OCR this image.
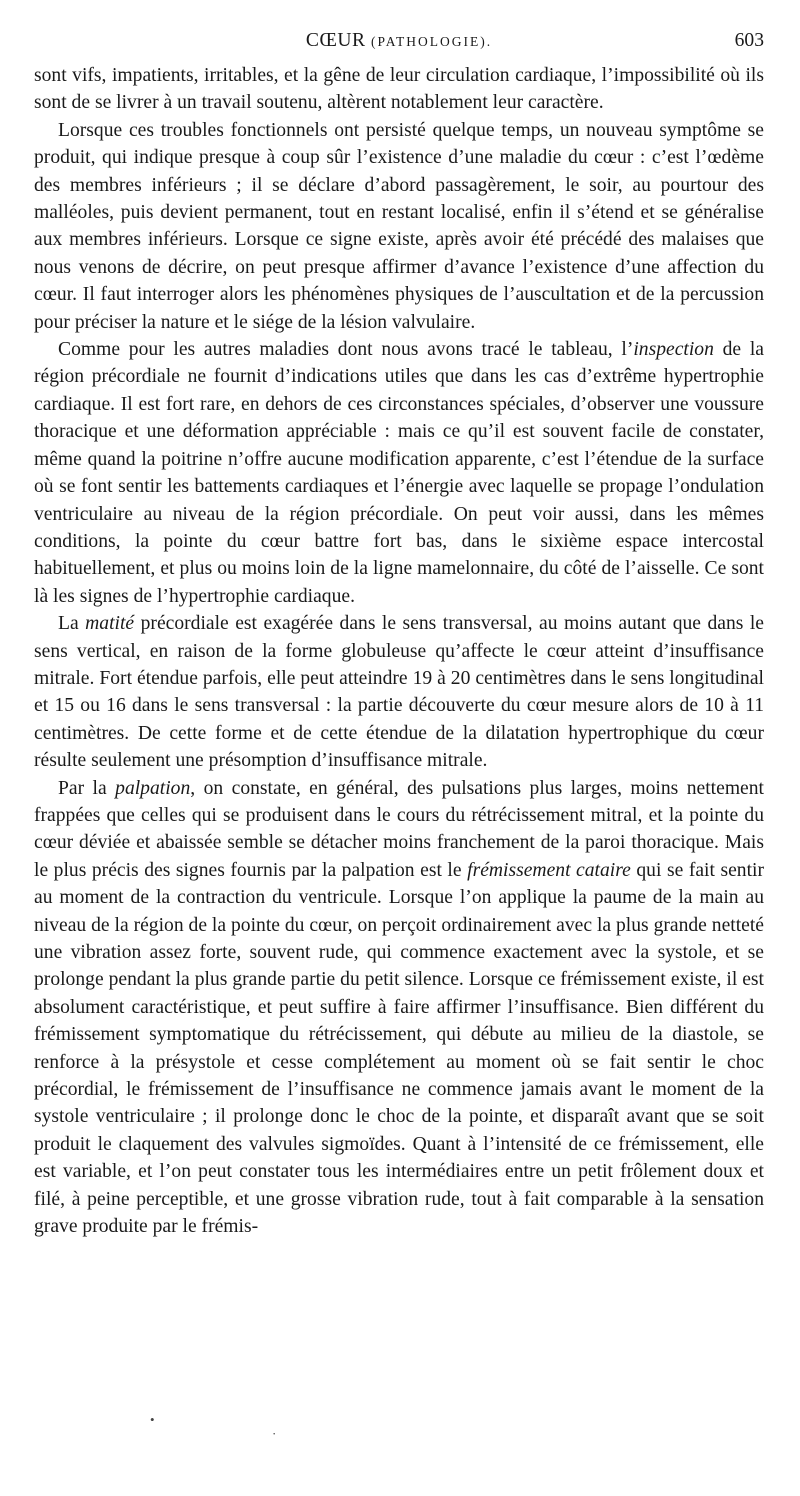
CŒUR (PATHOLOGIE).	603

sont vifs, impatients, irritables, et la gêne de leur circulation cardiaque, l’impossibilité où ils sont de se livrer à un travail soutenu, altèrent notablement leur caractère.

Lorsque ces troubles fonctionnels ont persisté quelque temps, un nouveau symptôme se produit, qui indique presque à coup sûr l’existence d’une maladie du cœur : c’est l’œdème des membres inférieurs ; il se déclare d’abord passagèrement, le soir, au pourtour des malléoles, puis devient permanent, tout en restant localisé, enfin il s’étend et se généralise aux membres inférieurs. Lorsque ce signe existe, après avoir été précédé des malaises que nous venons de décrire, on peut presque affirmer d’avance l’existence d’une affection du cœur. Il faut interroger alors les phénomènes physiques de l’auscultation et de la percussion pour préciser la nature et le siége de la lésion valvulaire.

Comme pour les autres maladies dont nous avons tracé le tableau, l’inspection de la région précordiale ne fournit d’indications utiles que dans les cas d’extrême hypertrophie cardiaque. Il est fort rare, en dehors de ces circonstances spéciales, d’observer une voussure thoracique et une déformation appréciable : mais ce qu’il est souvent facile de constater, même quand la poitrine n’offre aucune modification apparente, c’est l’étendue de la surface où se font sentir les battements cardiaques et l’énergie avec laquelle se propage l’ondulation ventriculaire au niveau de la région précordiale. On peut voir aussi, dans les mêmes conditions, la pointe du cœur battre fort bas, dans le sixième espace intercostal habituellement, et plus ou moins loin de la ligne mamelonnaire, du côté de l’aisselle. Ce sont là les signes de l’hypertrophie cardiaque.

La matité précordiale est exagérée dans le sens transversal, au moins autant que dans le sens vertical, en raison de la forme globuleuse qu’affecte le cœur atteint d’insuffisance mitrale. Fort étendue parfois, elle peut atteindre 19 à 20 centimètres dans le sens longitudinal et 15 ou 16 dans le sens transversal : la partie découverte du cœur mesure alors de 10 à 11 centimètres. De cette forme et de cette étendue de la dilatation hypertrophique du cœur résulte seulement une présomption d’insuffisance mitrale.

Par la palpation, on constate, en général, des pulsations plus larges, moins nettement frappées que celles qui se produisent dans le cours du rétrécissement mitral, et la pointe du cœur déviée et abaissée semble se détacher moins franchement de la paroi thoracique. Mais le plus précis des signes fournis par la palpation est le frémissement cataire qui se fait sentir au moment de la contraction du ventricule. Lorsque l’on applique la paume de la main au niveau de la région de la pointe du cœur, on perçoit ordinairement avec la plus grande netteté une vibration assez forte, souvent rude, qui commence exactement avec la systole, et se prolonge pendant la plus grande partie du petit silence. Lorsque ce frémissement existe, il est absolument caractéristique, et peut suffire à faire affirmer l’insuffisance. Bien différent du frémissement symptomatique du rétrécissement, qui débute au milieu de la diastole, se renforce à la présystole et cesse complétement au moment où se fait sentir le choc précordial, le frémissement de l’insuffisance ne commence jamais avant le moment de la systole ventriculaire ; il prolonge donc le choc de la pointe, et disparaît avant que se soit produit le claquement des valvules sigmoïdes. Quant à l’intensité de ce frémissement, elle est variable, et l’on peut constater tous les intermédiaires entre un petit frôlement doux et filé, à peine perceptible, et une grosse vibration rude, tout à fait comparable à la sensation grave produite par le frémis-

•
·
